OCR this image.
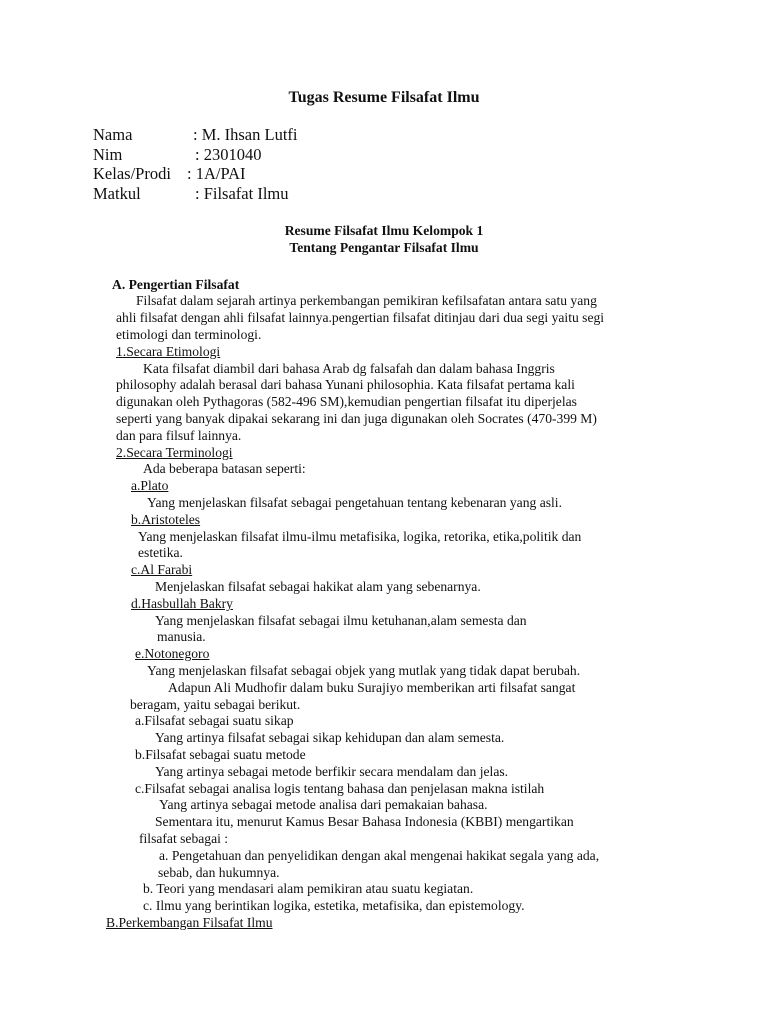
Tugas Resume Filsafat Ilmu
Nama	: M. Ihsan Lutfi
Nim	: 2301040
Kelas/Prodi : 1A/PAI
Matkul	: Filsafat Ilmu
Resume Filsafat Ilmu Kelompok 1
Tentang Pengantar Filsafat Ilmu
A. Pengertian Filsafat
Filsafat dalam sejarah artinya perkembangan pemikiran kefilsafatan antara satu yang
ahli filsafat dengan ahli filsafat lainnya.pengertian filsafat ditinjau dari dua segi yaitu segi
etimologi dan terminologi.
1.Secara Etimologi
Kata filsafat diambil dari bahasa Arab dg falsafah dan dalam bahasa Inggris
philosophy adalah berasal dari bahasa Yunani philosophia. Kata filsafat pertama kali
digunakan oleh Pythagoras (582-496 SM),kemudian pengertian filsafat itu diperjelas
seperti yang banyak dipakai sekarang ini dan juga digunakan oleh Socrates (470-399 M)
dan para filsuf lainnya.
2.Secara Terminologi
Ada beberapa batasan seperti:
a.Plato
Yang menjelaskan filsafat sebagai pengetahuan tentang kebenaran yang asli.
b.Aristoteles
Yang menjelaskan filsafat ilmu-ilmu metafisika, logika, retorika, etika,politik dan
estetika.
c.Al Farabi
Menjelaskan filsafat sebagai hakikat alam yang sebenarnya.
d.Hasbullah Bakry
Yang menjelaskan filsafat sebagai ilmu ketuhanan,alam semesta dan
manusia.
e.Notonegoro
Yang menjelaskan filsafat sebagai objek yang mutlak yang tidak dapat berubah.
Adapun Ali Mudhofir dalam buku Surajiyo memberikan arti filsafat sangat
beragam, yaitu sebagai berikut.
a.Filsafat sebagai suatu sikap
Yang artinya filsafat sebagai sikap kehidupan dan alam semesta.
b.Filsafat sebagai suatu metode
Yang artinya sebagai metode berfikir secara mendalam dan jelas.
c.Filsafat sebagai analisa logis tentang bahasa dan penjelasan makna istilah
Yang artinya sebagai metode analisa dari pemakaian bahasa.
Sementara itu, menurut Kamus Besar Bahasa Indonesia (KBBI) mengartikan
filsafat sebagai :
a. Pengetahuan dan penyelidikan dengan akal mengenai hakikat segala yang ada,
sebab, dan hukumnya.
b. Teori yang mendasari alam pemikiran atau suatu kegiatan.
c. Ilmu yang berintikan logika, estetika, metafisika, dan epistemology.
B.Perkembangan Filsafat Ilmu
